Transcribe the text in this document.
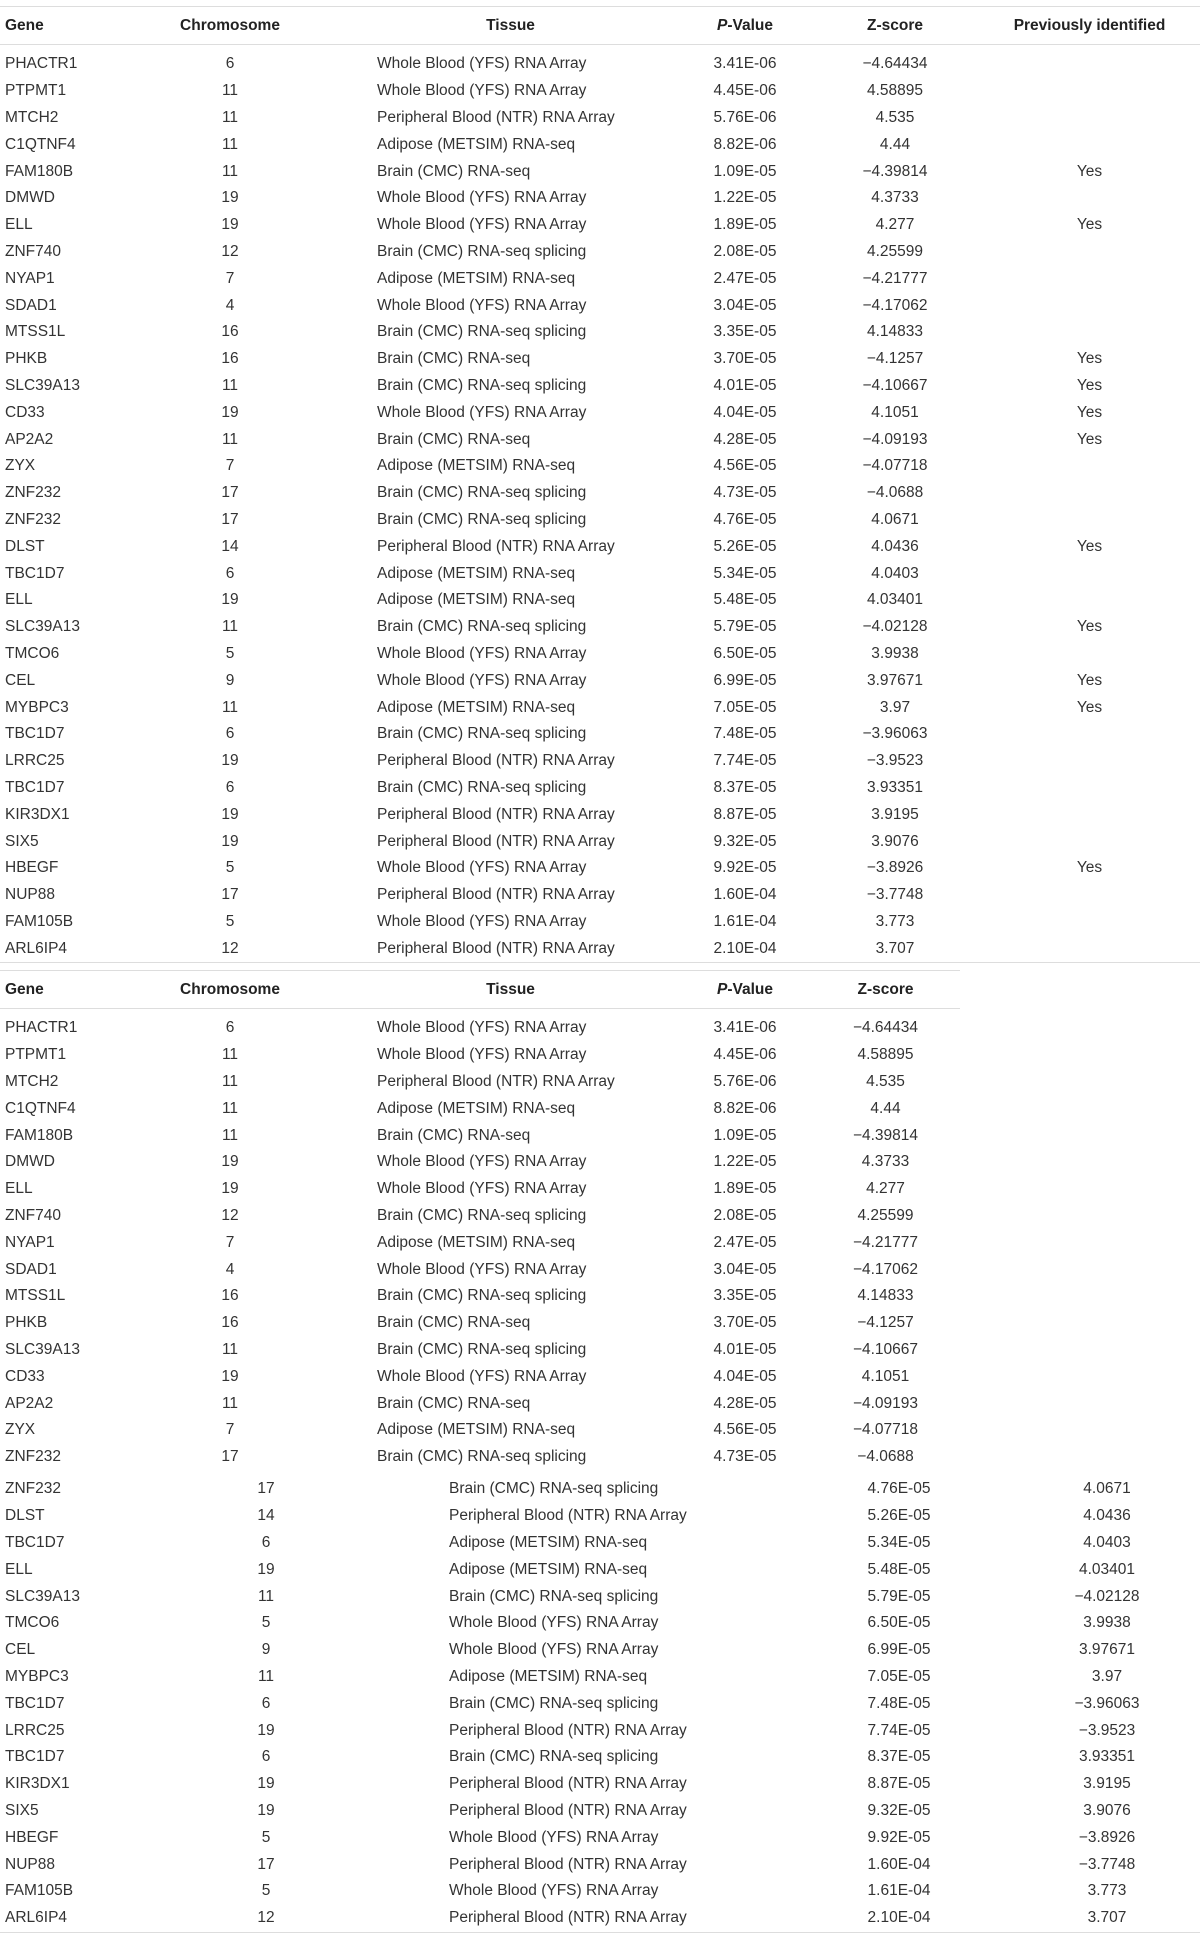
Gene	Chromosome	Tissue	P-Value	Z-score	Previously identified
PHACTR1	6	Whole Blood (YFS) RNA Array	3.41E-06	−4.64434	
PTPMT1	11	Whole Blood (YFS) RNA Array	4.45E-06	4.58895	
MTCH2	11	Peripheral Blood (NTR) RNA Array	5.76E-06	4.535	
C1QTNF4	11	Adipose (METSIM) RNA-seq	8.82E-06	4.44	
FAM180B	11	Brain (CMC) RNA-seq	1.09E-05	−4.39814	Yes
DMWD	19	Whole Blood (YFS) RNA Array	1.22E-05	4.3733	
ELL	19	Whole Blood (YFS) RNA Array	1.89E-05	4.277	Yes
ZNF740	12	Brain (CMC) RNA-seq splicing	2.08E-05	4.25599	
NYAP1	7	Adipose (METSIM) RNA-seq	2.47E-05	−4.21777	
SDAD1	4	Whole Blood (YFS) RNA Array	3.04E-05	−4.17062	
MTSS1L	16	Brain (CMC) RNA-seq splicing	3.35E-05	4.14833	
PHKB	16	Brain (CMC) RNA-seq	3.70E-05	−4.1257	Yes
SLC39A13	11	Brain (CMC) RNA-seq splicing	4.01E-05	−4.10667	Yes
CD33	19	Whole Blood (YFS) RNA Array	4.04E-05	4.1051	Yes
AP2A2	11	Brain (CMC) RNA-seq	4.28E-05	−4.09193	Yes
ZYX	7	Adipose (METSIM) RNA-seq	4.56E-05	−4.07718	
ZNF232	17	Brain (CMC) RNA-seq splicing	4.73E-05	−4.0688	
ZNF232	17	Brain (CMC) RNA-seq splicing	4.76E-05	4.0671	
DLST	14	Peripheral Blood (NTR) RNA Array	5.26E-05	4.0436	Yes
TBC1D7	6	Adipose (METSIM) RNA-seq	5.34E-05	4.0403	
ELL	19	Adipose (METSIM) RNA-seq	5.48E-05	4.03401	
SLC39A13	11	Brain (CMC) RNA-seq splicing	5.79E-05	−4.02128	Yes
TMCO6	5	Whole Blood (YFS) RNA Array	6.50E-05	3.9938	
CEL	9	Whole Blood (YFS) RNA Array	6.99E-05	3.97671	Yes
MYBPC3	11	Adipose (METSIM) RNA-seq	7.05E-05	3.97	Yes
TBC1D7	6	Brain (CMC) RNA-seq splicing	7.48E-05	−3.96063	
LRRC25	19	Peripheral Blood (NTR) RNA Array	7.74E-05	−3.9523	
TBC1D7	6	Brain (CMC) RNA-seq splicing	8.37E-05	3.93351	
KIR3DX1	19	Peripheral Blood (NTR) RNA Array	8.87E-05	3.9195	
SIX5	19	Peripheral Blood (NTR) RNA Array	9.32E-05	3.9076	
HBEGF	5	Whole Blood (YFS) RNA Array	9.92E-05	−3.8926	Yes
NUP88	17	Peripheral Blood (NTR) RNA Array	1.60E-04	−3.7748	
FAM105B	5	Whole Blood (YFS) RNA Array	1.61E-04	3.773	
ARL6IP4	12	Peripheral Blood (NTR) RNA Array	2.10E-04	3.707	
Gene	Chromosome	Tissue	P-Value	Z-score
PHACTR1	6	Whole Blood (YFS) RNA Array	3.41E-06	−4.64434
PTPMT1	11	Whole Blood (YFS) RNA Array	4.45E-06	4.58895
MTCH2	11	Peripheral Blood (NTR) RNA Array	5.76E-06	4.535
C1QTNF4	11	Adipose (METSIM) RNA-seq	8.82E-06	4.44
FAM180B	11	Brain (CMC) RNA-seq	1.09E-05	−4.39814
DMWD	19	Whole Blood (YFS) RNA Array	1.22E-05	4.3733
ELL	19	Whole Blood (YFS) RNA Array	1.89E-05	4.277
ZNF740	12	Brain (CMC) RNA-seq splicing	2.08E-05	4.25599
NYAP1	7	Adipose (METSIM) RNA-seq	2.47E-05	−4.21777
SDAD1	4	Whole Blood (YFS) RNA Array	3.04E-05	−4.17062
MTSS1L	16	Brain (CMC) RNA-seq splicing	3.35E-05	4.14833
PHKB	16	Brain (CMC) RNA-seq	3.70E-05	−4.1257
SLC39A13	11	Brain (CMC) RNA-seq splicing	4.01E-05	−4.10667
CD33	19	Whole Blood (YFS) RNA Array	4.04E-05	4.1051
AP2A2	11	Brain (CMC) RNA-seq	4.28E-05	−4.09193
ZYX	7	Adipose (METSIM) RNA-seq	4.56E-05	−4.07718
ZNF232	17	Brain (CMC) RNA-seq splicing	4.73E-05	−4.0688
ZNF232	17	Brain (CMC) RNA-seq splicing	4.76E-05	4.0671
DLST	14	Peripheral Blood (NTR) RNA Array	5.26E-05	4.0436
TBC1D7	6	Adipose (METSIM) RNA-seq	5.34E-05	4.0403
ELL	19	Adipose (METSIM) RNA-seq	5.48E-05	4.03401
SLC39A13	11	Brain (CMC) RNA-seq splicing	5.79E-05	−4.02128
TMCO6	5	Whole Blood (YFS) RNA Array	6.50E-05	3.9938
CEL	9	Whole Blood (YFS) RNA Array	6.99E-05	3.97671
MYBPC3	11	Adipose (METSIM) RNA-seq	7.05E-05	3.97
TBC1D7	6	Brain (CMC) RNA-seq splicing	7.48E-05	−3.96063
LRRC25	19	Peripheral Blood (NTR) RNA Array	7.74E-05	−3.9523
TBC1D7	6	Brain (CMC) RNA-seq splicing	8.37E-05	3.93351
KIR3DX1	19	Peripheral Blood (NTR) RNA Array	8.87E-05	3.9195
SIX5	19	Peripheral Blood (NTR) RNA Array	9.32E-05	3.9076
HBEGF	5	Whole Blood (YFS) RNA Array	9.92E-05	−3.8926
NUP88	17	Peripheral Blood (NTR) RNA Array	1.60E-04	−3.7748
FAM105B	5	Whole Blood (YFS) RNA Array	1.61E-04	3.773
ARL6IP4	12	Peripheral Blood (NTR) RNA Array	2.10E-04	3.707
